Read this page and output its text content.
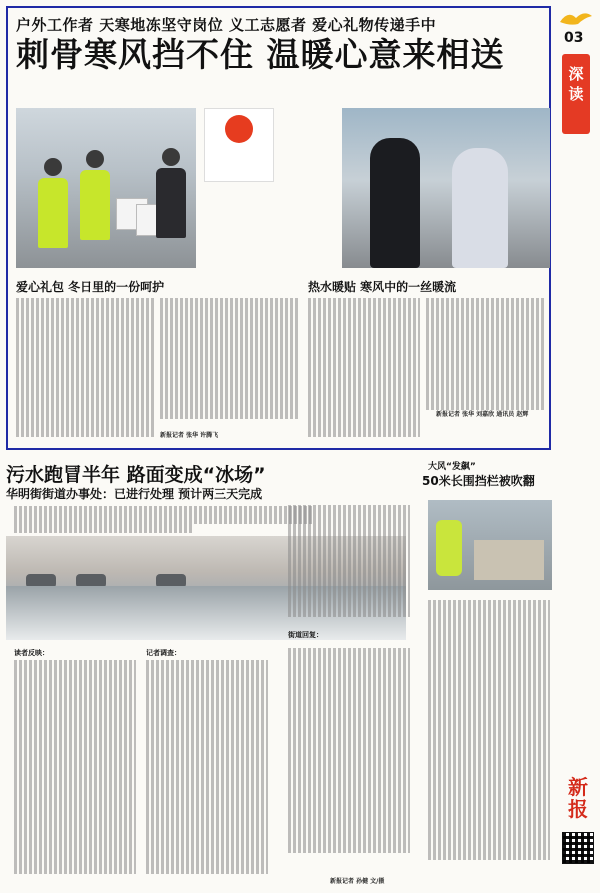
户外工作者 天寒地冻坚守岗位 义工志愿者 爱心礼物传递手中
刺骨寒风挡不住 温暖心意来相送
爱心礼包 冬日里的一份呵护	热水暖贴 寒风中的一丝暖流
新报记者 张华 许腾飞
新报记者 张华 刘嘉欣 通讯员 赵辉
03
深读
新报
污水跑冒半年 路面变成“冰场”
华明街街道办事处：已进行处理 预计两三天完成
读者反映：	记者调查：
街道回复：
新报记者 孙健 文/摄
大风“发飙”
50米长围挡栏被吹翻
